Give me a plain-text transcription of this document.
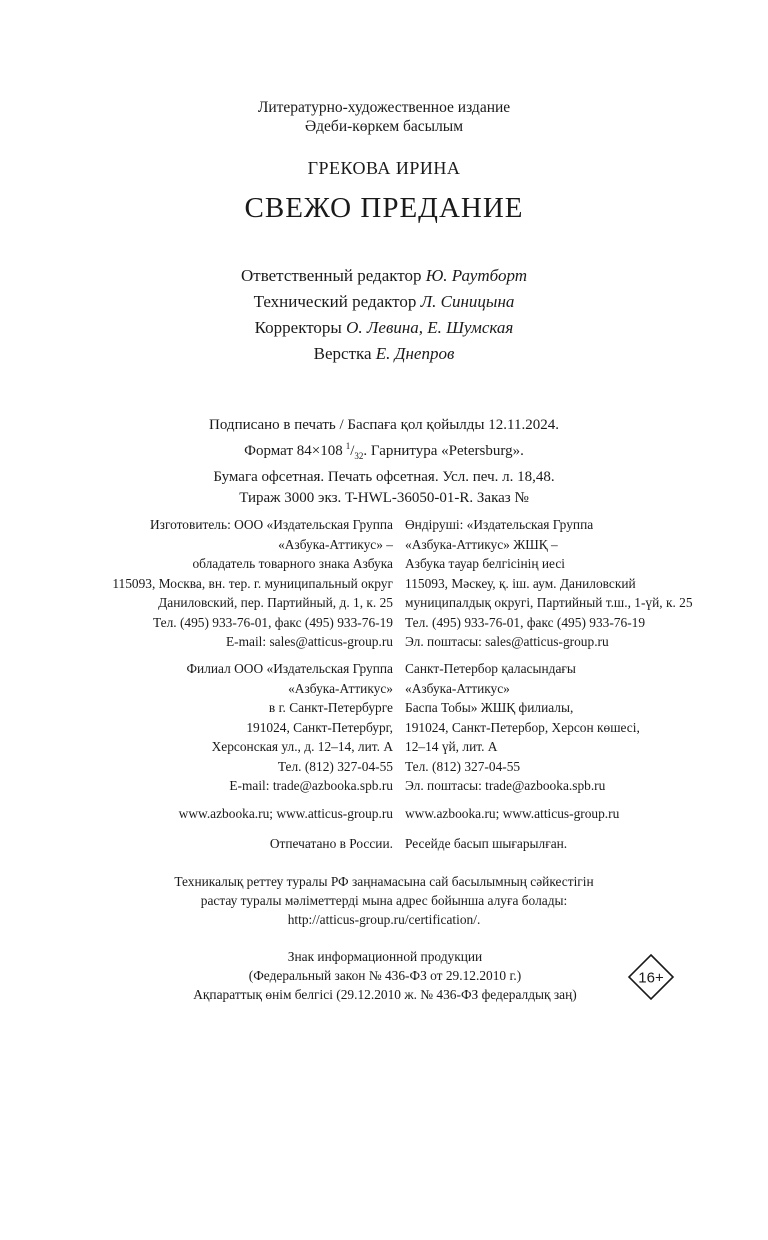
Литературно-художественное издание
Әдеби-көркем басылым
ГРЕКОВА ИРИНА
СВЕЖО ПРЕДАНИЕ
Ответственный редактор Ю. Раутборт
Технический редактор Л. Синицына
Корректоры О. Левина, Е. Шумская
Верстка Е. Днепров
Подписано в печать / Баспаға қол қойылды 12.11.2024.
Формат 84×108  $^1/_{32}$. Гарнитура «Petersburg».
Бумага офсетная. Печать офсетная. Усл. печ. л. 18,48.
Тираж 3000 экз. T-HWL-36050-01-R. Заказ №
Изготовитель: ООО «Издательская Группа
«Азбука-Аттикус» –
обладатель товарного знака Азбука
115093, Москва, вн. тер. г. муниципальный округ
Даниловский, пер. Партийный, д. 1, к. 25
Тел. (495) 933-76-01, факс (495) 933-76-19
E-mail: sales@atticus-group.ru
Өндіруші: «Издательская Группа
«Азбука-Аттикус» ЖШҚ –
Азбука тауар белгісінің иесі
115093, Мәскеу, қ. іш. аум. Даниловский
муниципалдық округі, Партийный т.ш., 1-үй, к. 25
Тел. (495) 933-76-01, факс (495) 933-76-19
Эл. поштасы: sales@atticus-group.ru
Филиал ООО «Издательская Группа
«Азбука-Аттикус»
в г. Санкт-Петербурге
191024, Санкт-Петербург,
Херсонская ул., д. 12–14, лит. А
Тел. (812) 327-04-55
E-mail: trade@azbooka.spb.ru
Санкт-Петербор қаласындағы
«Азбука-Аттикус»
Баспа Тобы» ЖШҚ филиалы,
191024, Санкт-Петербор, Херсон көшесі,
12–14 үй, лит. А
Тел. (812) 327-04-55
Эл. поштасы: trade@azbooka.spb.ru
www.azbooka.ru; www.atticus-group.ru www.azbooka.ru; www.atticus-group.ru
Отпечатано в России. Ресейде басып шығарылған.
Техникалық реттеу туралы РФ заңнамасына сай басылымның сәйкестігін
растау туралы мәліметтерді мына адрес бойынша алуға болады:
http://atticus-group.ru/certification/.
Знак информационной продукции
(Федеральный закон № 436-ФЗ от 29.12.2010 г.)
Ақпараттық өнім белгісі (29.12.2010 ж. № 436-ФЗ федералдық заң)
16+
